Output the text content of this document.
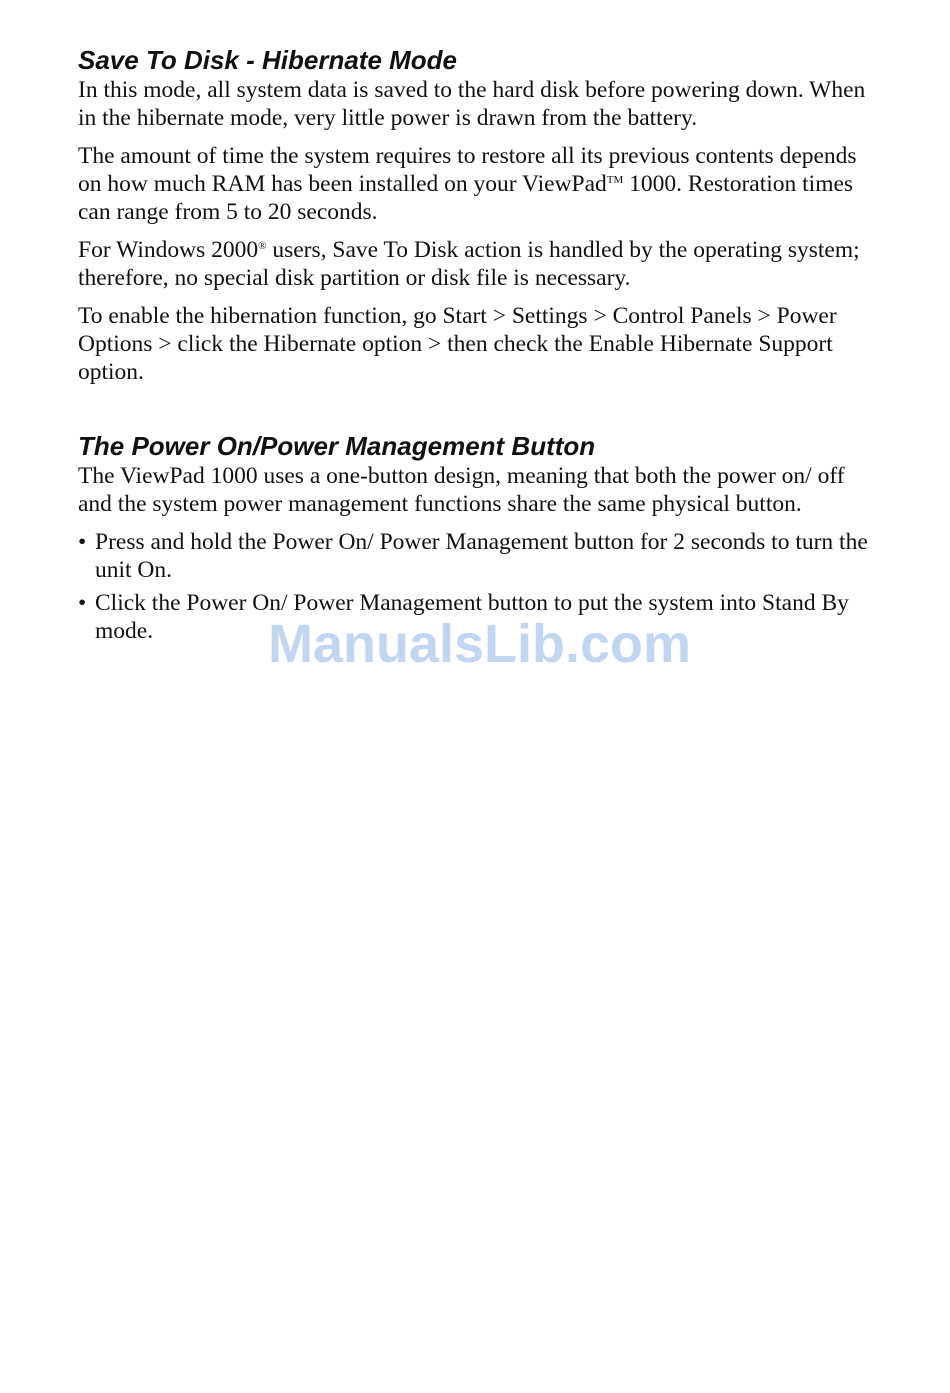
Save To Disk - Hibernate Mode

In this mode, all system data is saved to the hard disk before powering down. When in the hibernate mode, very little power is drawn from the battery.

The amount of time the system requires to restore all its previous contents depends on how much RAM has been installed on your ViewPad™ 1000. Restoration times can range from 5 to 20 seconds.

For Windows 2000® users, Save To Disk action is handled by the operating system; therefore, no special disk partition or disk file is necessary.

To enable the hibernation function, go Start > Settings > Control Panels > Power Options > click the Hibernate option > then check the Enable Hibernate Support option.

The Power On/Power Management Button

The ViewPad 1000 uses a one-button design, meaning that both the power on/ off and the system power management functions share the same physical button.

• Press and hold the Power On/ Power Management button for 2 seconds to turn the unit On.
• Click the Power On/ Power Management button to put the system into Stand By mode.	ManualsLib.com
